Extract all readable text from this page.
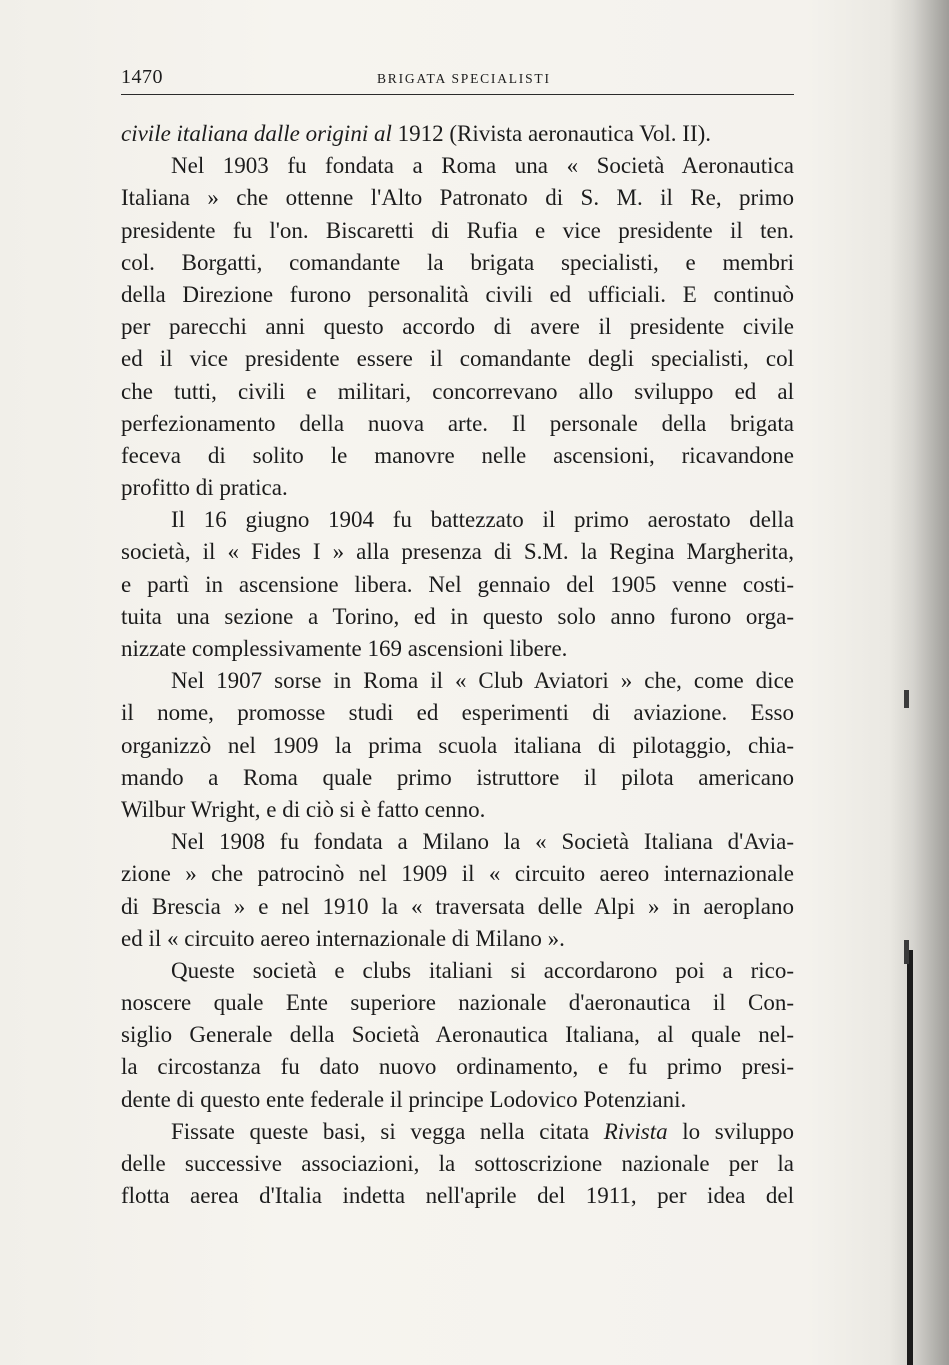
1470	BRIGATA SPECIALISTI
civile italiana dalle origini al 1912 (Rivista aeronautica Vol. II).
Nel 1903 fu fondata a Roma una « Società Aeronautica
Italiana » che ottenne l'Alto Patronato di S. M. il Re, primo
presidente fu l'on. Biscaretti di Rufia e vice presidente il ten.
col. Borgatti, comandante la brigata specialisti, e membri
della Direzione furono personalità civili ed ufficiali. E continuò
per parecchi anni questo accordo di avere il presidente civile
ed il vice presidente essere il comandante degli specialisti, col
che tutti, civili e militari, concorrevano allo sviluppo ed al
perfezionamento della nuova arte. Il personale della brigata
feceva di solito le manovre nelle ascensioni, ricavandone
profitto di pratica.
Il 16 giugno 1904 fu battezzato il primo aerostato della
società, il « Fides I » alla presenza di S.M. la Regina Margherita,
e partì in ascensione libera. Nel gennaio del 1905 venne costi-
tuita una sezione a Torino, ed in questo solo anno furono orga-
nizzate complessivamente 169 ascensioni libere.
Nel 1907 sorse in Roma il « Club Aviatori » che, come dice
il nome, promosse studi ed esperimenti di aviazione. Esso
organizzò nel 1909 la prima scuola italiana di pilotaggio, chia-
mando a Roma quale primo istruttore il pilota americano
Wilbur Wright, e di ciò si è fatto cenno.
Nel 1908 fu fondata a Milano la « Società Italiana d'Avia-
zione » che patrocinò nel 1909 il « circuito aereo internazionale
di Brescia » e nel 1910 la « traversata delle Alpi » in aeroplano
ed il « circuito aereo internazionale di Milano ».
Queste società e clubs italiani si accordarono poi a rico-
noscere quale Ente superiore nazionale d'aeronautica il Con-
siglio Generale della Società Aeronautica Italiana, al quale nel-
la circostanza fu dato nuovo ordinamento, e fu primo presi-
dente di questo ente federale il principe Lodovico Potenziani.
Fissate queste basi, si vegga nella citata Rivista lo sviluppo
delle successive associazioni, la sottoscrizione nazionale per la
flotta aerea d'Italia indetta nell'aprile del 1911, per idea del
